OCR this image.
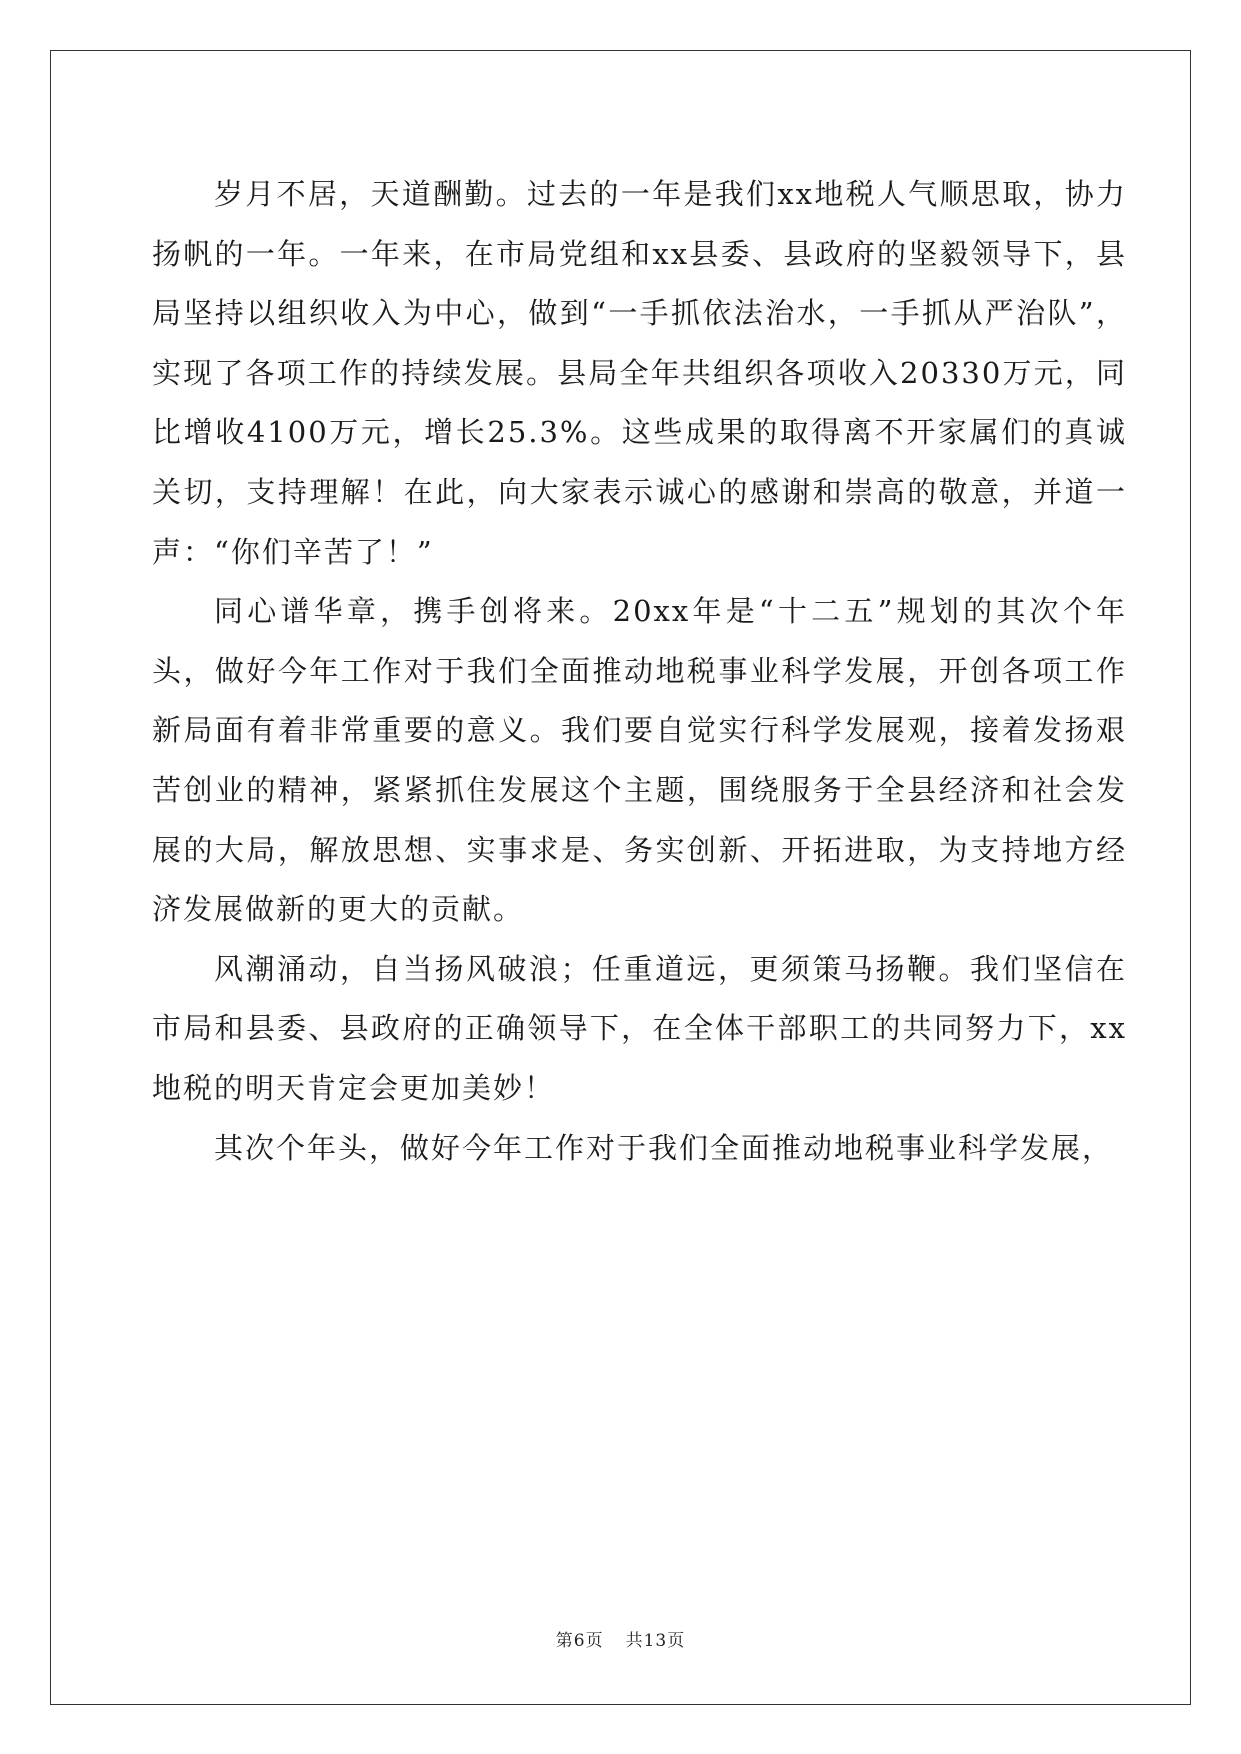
岁月不居，天道酬勤。过去的一年是我们xx地税人气顺思取，协力扬帆的一年。一年来，在市局党组和xx县委、县政府的坚毅领导下，县局坚持以组织收入为中心，做到“一手抓依法治水，一手抓从严治队”，实现了各项工作的持续发展。县局全年共组织各项收入20330万元，同比增收4100万元，增长25.3%。这些成果的取得离不开家属们的真诚关切，支持理解！在此，向大家表示诚心的感谢和崇高的敬意，并道一声：“你们辛苦了！”

同心谱华章，携手创将来。20xx年是“十二五”规划的其次个年头，做好今年工作对于我们全面推动地税事业科学发展，开创各项工作新局面有着非常重要的意义。我们要自觉实行科学发展观，接着发扬艰苦创业的精神，紧紧抓住发展这个主题，围绕服务于全县经济和社会发展的大局，解放思想、实事求是、务实创新、开拓进取，为支持地方经济发展做新的更大的贡献。

风潮涌动，自当扬风破浪；任重道远，更须策马扬鞭。我们坚信在市局和县委、县政府的正确领导下，在全体干部职工的共同努力下，xx地税的明天肯定会更加美妙！

其次个年头，做好今年工作对于我们全面推动地税事业科学发展，

第6页 共13页
